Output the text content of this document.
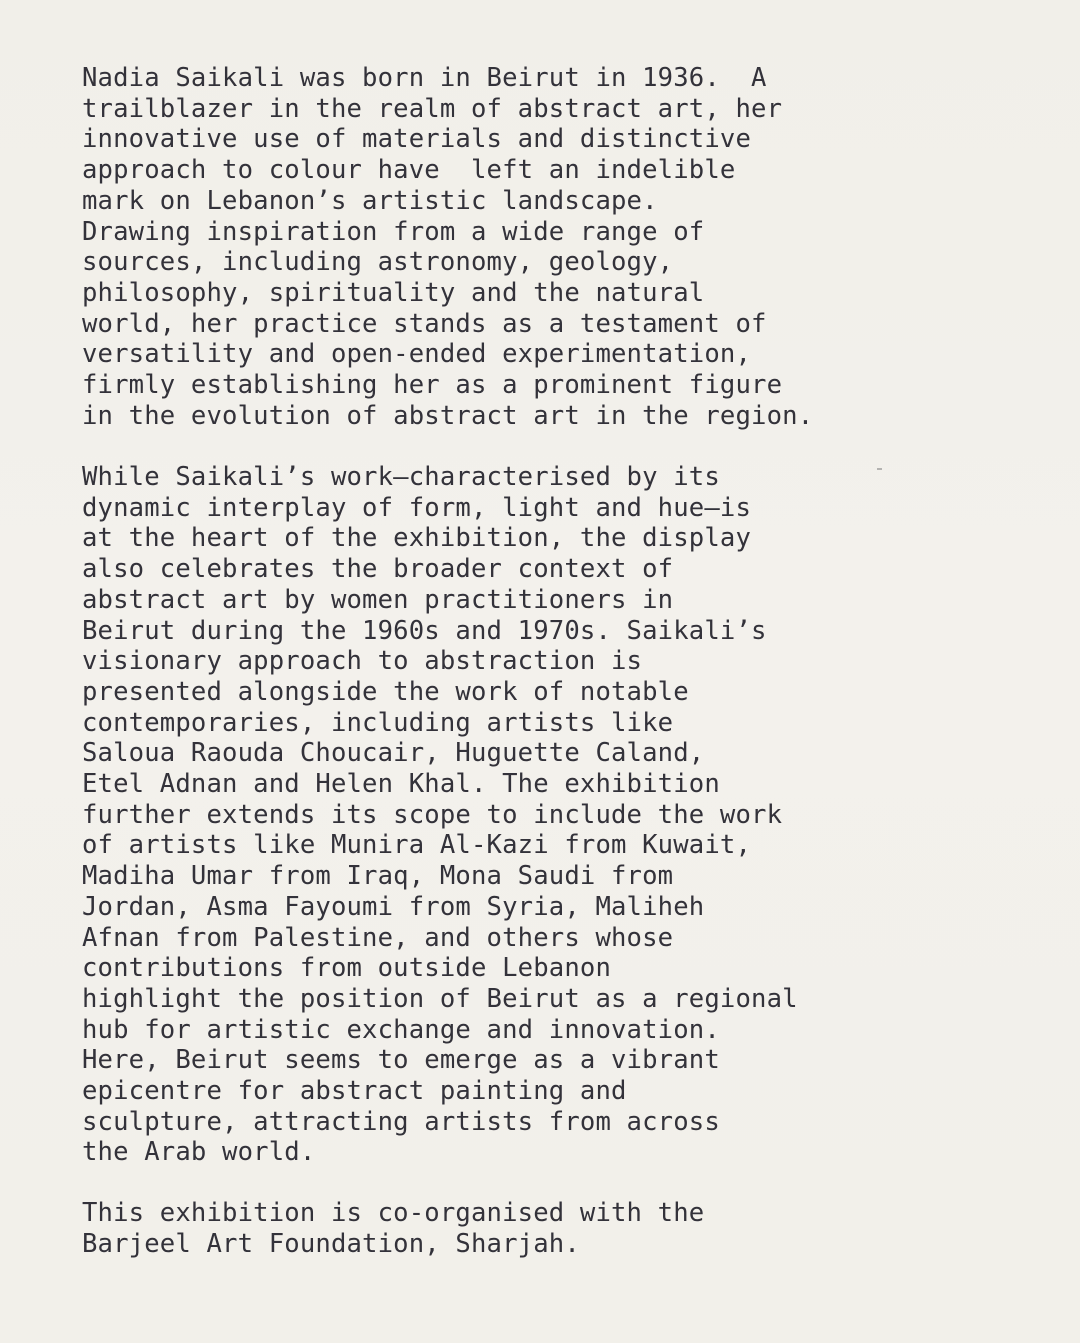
Nadia Saikali was born in Beirut in 1936.  A
trailblazer in the realm of abstract art, her
innovative use of materials and distinctive
approach to colour have  left an indelible
mark on Lebanon’s artistic landscape.
Drawing inspiration from a wide range of
sources, including astronomy, geology,
philosophy, spirituality and the natural
world, her practice stands as a testament of
versatility and open-ended experimentation,
firmly establishing her as a prominent figure
in the evolution of abstract art in the region.
While Saikali’s work—characterised by its
dynamic interplay of form, light and hue—is
at the heart of the exhibition, the display
also celebrates the broader context of
abstract art by women practitioners in
Beirut during the 1960s and 1970s. Saikali’s
visionary approach to abstraction is
presented alongside the work of notable
contemporaries, including artists like
Saloua Raouda Choucair, Huguette Caland,
Etel Adnan and Helen Khal. The exhibition
further extends its scope to include the work
of artists like Munira Al-Kazi from Kuwait,
Madiha Umar from Iraq, Mona Saudi from
Jordan, Asma Fayoumi from Syria, Maliheh
Afnan from Palestine, and others whose
contributions from outside Lebanon
highlight the position of Beirut as a regional
hub for artistic exchange and innovation.
Here, Beirut seems to emerge as a vibrant
epicentre for abstract painting and
sculpture, attracting artists from across
the Arab world.
This exhibition is co-organised with the
Barjeel Art Foundation, Sharjah.
